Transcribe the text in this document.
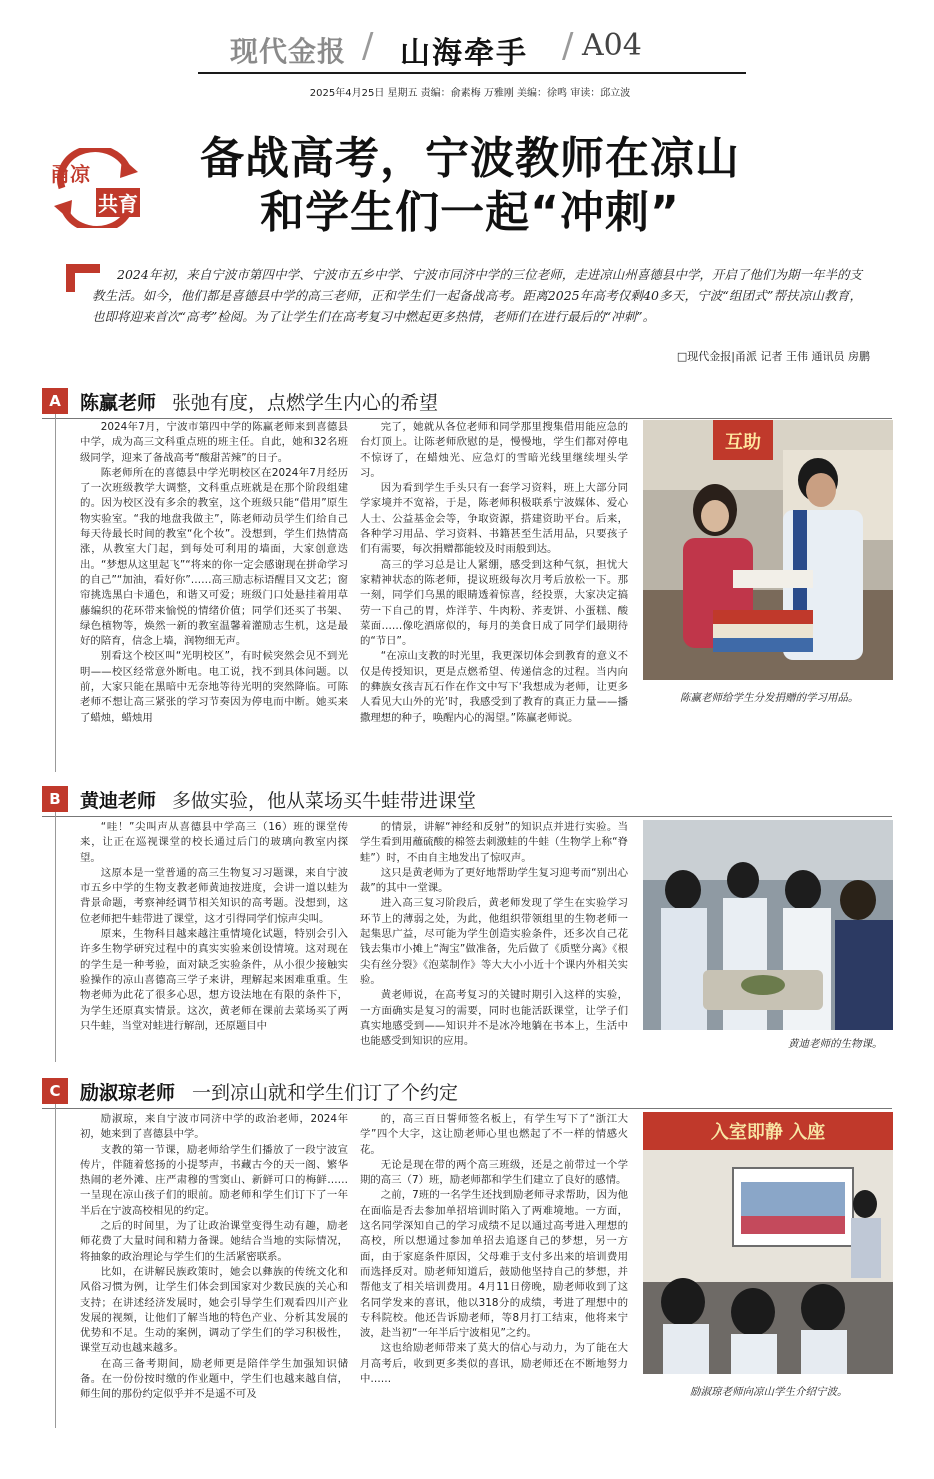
现代金报 / 山海牵手 / A04
2025年4月25日 星期五 责编：俞素梅 万雅刚 美编：徐鸣 审读：邱立波
甬凉
共育
备战高考，宁波教师在凉山
和学生们一起“冲刺”
2024年初，来自宁波市第四中学、宁波市五乡中学、宁波市同济中学的三位老师，走进凉山州喜德县中学，开启了他们为期一年半的支教生活。如今，他们都是喜德县中学的高三老师，正和学生们一起备战高考。距离2025年高考仅剩40多天，宁波“组团式”帮扶凉山教育，也即将迎来首次“高考”检阅。为了让学生们在高考复习中燃起更多热情，老师们在进行最后的“冲刺”。
□现代金报|甬派 记者 王伟 通讯员 房鹏
A	陈赢老师 张弛有度，点燃学生内心的希望

2024年7月，宁波市第四中学的陈赢老师来到喜德县中学，成为高三文科重点班的班主任。自此，她和32名班级同学，迎来了备战高考“酸甜苦辣”的日子。

陈老师所在的喜德县中学光明校区在2024年7月经历了一次班级教学大调整，文科重点班就是在那个阶段组建的。因为校区没有多余的教室，这个班级只能“借用”原生物实验室。“我的地盘我做主”，陈老师动员学生们给自己每天待最长时间的教室“化个妆”。没想到，学生们热情高涨，从教室大门起，到每处可利用的墙面，大家创意迭出。“梦想从这里起飞”“将来的你一定会感谢现在拼命学习的自己”“加油，看好你”……高三励志标语醒目又文艺；窗帘挑选黑白卡通色，和谐又可爱；班级门口处悬挂着用草藤编织的花环带来愉悦的情绪价值；同学们还买了书架、绿色植物等，焕然一新的教室温馨着灌励志生机，这是最好的陪育，信念上墙，润物细无声。

别看这个校区叫“光明校区”，有时候突然会见不到光明——校区经常意外断电。电工说，找不到具体问题。以前，大家只能在黑暗中无奈地等待光明的突然降临。可陈老师不想让高三紧张的学习节奏因为停电而中断。她买来了蜡烛，蜡烛用

完了，她就从各位老师和同学那里搜集借用能应急的台灯顶上。让陈老师欣慰的是，慢慢地，学生们都对停电不惊讶了，在蜡烛光、应急灯的雪暗光线里继续埋头学习。

因为看到学生手头只有一套学习资料，班上大部分同学家境并不宽裕，于是，陈老师积极联系宁波媒体、爱心人士、公益基金会等，争取资源，搭建资助平台。后来，各种学习用品、学习资料、书籍甚至生活用品，只要孩子们有需要，每次捐赠都能较及时雨般到达。

高三的学习总是让人紧绷，感受到这种气氛，担忧大家精神状态的陈老师，提议班级每次月考后放松一下。那一刻，同学们乌黑的眼睛透着惊喜，经投票，大家决定搞劳一下自己的胃，炸洋芋、牛肉粉、荞麦饼、小蛋糕、酸菜面……像吃酒席似的，每月的美食日成了同学们最期待的“节日”。

“在凉山支教的时光里，我更深切体会到教育的意义不仅是传授知识，更是点燃希望、传递信念的过程。当内向的彝族女孩吉瓦石作在作文中写下‘我想成为老师，让更多人看见大山外的光’时，我感受到了教育的真正力量——播撒理想的种子，唤醒内心的渴望。”陈赢老师说。

互助
陈赢老师给学生分发捐赠的学习用品。
B	黄迪老师 多做实验，他从菜场买牛蛙带进课堂

“哇！”尖叫声从喜德县中学高三（16）班的课堂传来，让正在巡视课堂的校长通过后门的玻璃向教室内探望。

这原本是一堂普通的高三生物复习习题课，来自宁波市五乡中学的生物支教老师黄迪按进度，会讲一道以蛙为背景命题，考察神经调节相关知识的高考题。没想到，这位老师把牛蛙带进了课堂，这才引得同学们惊声尖叫。

原来，生物科目越来越注重情境化试题，特别会引入许多生物学研究过程中的真实实验来创设情境。这对现在的学生是一种考验，面对缺乏实验条件，从小很少接触实验操作的凉山喜德高三学子来讲，理解起来困难重重。生物老师为此花了很多心思，想方设法地在有限的条件下，为学生还原真实情景。这次，黄老师在课前去菜场买了两只牛蛙，当堂对蛙进行解剖，还原题目中

的情景，讲解“神经和反射”的知识点并进行实验。当学生看到用蘸硫酸的棉签去刺激蛙的牛蛙（生物学上称“脊蛙”）时，不由自主地发出了惊叹声。

这只是黄老师为了更好地帮助学生复习迎考而“别出心裁”的其中一堂课。

进入高三复习阶段后，黄老师发现了学生在实验学习环节上的薄弱之处，为此，他组织带领组里的生物老师一起集思广益，尽可能为学生创造实验条件，还多次自己花钱去集市小摊上“淘宝”做准备，先后做了《质壁分离》《根尖有丝分裂》《泡菜制作》等大大小小近十个课内外相关实验。

黄老师说，在高考复习的关键时期引入这样的实验，一方面确实是复习的需要，同时也能活跃课堂，让学子们真实地感受到——知识并不是冰冷地躺在书本上，生活中也能感受到知识的应用。	黄迪老师的生物课。
C	励淑琼老师 一到凉山就和学生们订了个约定

励淑琼，来自宁波市同济中学的政治老师，2024年初，她来到了喜德县中学。

支教的第一节课，励老师给学生们播放了一段宁波宣传片，伴随着悠扬的小提琴声，书藏古今的天一阁、繁华热闹的老外滩、庄严肃穆的雪窦山、新鲜可口的梅鲜……一呈现在凉山孩子们的眼前。励老师和学生们订下了一年半后在宁波高校相见的约定。

之后的时间里，为了让政治课堂变得生动有趣，励老师花费了大量时间和精力备课。她结合当地的实际情况，将抽象的政治理论与学生们的生活紧密联系。

比如，在讲解民族政策时，她会以彝族的传统文化和风俗习惯为例，让学生们体会到国家对少数民族的关心和支持；在讲述经济发展时，她会引导学生们观看四川产业发展的视频，让他们了解当地的特色产业、分析其发展的优势和不足。生动的案例，调动了学生们的学习积极性，课堂互动也越来越多。

在高三备考期间，励老师更是陪伴学生加强知识储备。在一份份按时缴的作业题中，学生们也越来越自信，师生间的那份约定似乎并不是遥不可及

的，高三百日誓师签名板上，有学生写下了“浙江大学”四个大字，这让励老师心里也燃起了不一样的情感火花。

无论是现在带的两个高三班级，还是之前带过一个学期的高三（7）班，励老师都和学生们建立了良好的感情。

之前，7班的一名学生还找到励老师寻求帮助，因为他在面临是否去参加单招培训时陷入了两难境地。一方面，这名同学深知自己的学习成绩不足以通过高考进入理想的高校，所以想通过参加单招去追逐自己的梦想，另一方面，由于家庭条件原因，父母难于支付多出来的培训费用而选择反对。励老师知道后，鼓励他坚持自己的梦想，并帮他支了相关培训费用。4月11日傍晚，励老师收到了这名同学发来的喜讯，他以318分的成绩，考进了理想中的专科院校。他还告诉励老师，等8月打工结束，他将来宁波，赴当初“一年半后宁波相见”之约。

这也给励老师带来了莫大的信心与动力，为了能在大月高考后，收到更多类似的喜讯，励老师还在不断地努力中……

入室即静 入座
励淑琼老师向凉山学生介绍宁波。
